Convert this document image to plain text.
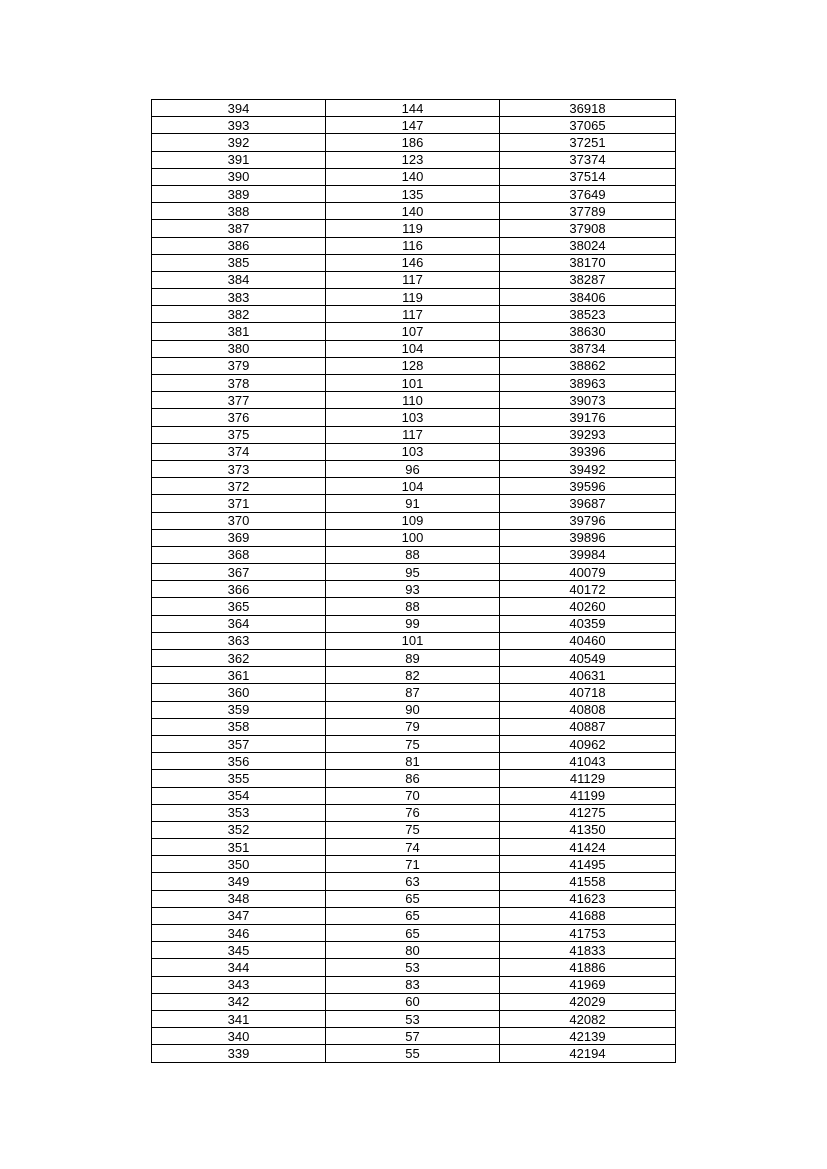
394	144	36918
393	147	37065
392	186	37251
391	123	37374
390	140	37514
389	135	37649
388	140	37789
387	119	37908
386	116	38024
385	146	38170
384	117	38287
383	119	38406
382	117	38523
381	107	38630
380	104	38734
379	128	38862
378	101	38963
377	110	39073
376	103	39176
375	117	39293
374	103	39396
373	96	39492
372	104	39596
371	91	39687
370	109	39796
369	100	39896
368	88	39984
367	95	40079
366	93	40172
365	88	40260
364	99	40359
363	101	40460
362	89	40549
361	82	40631
360	87	40718
359	90	40808
358	79	40887
357	75	40962
356	81	41043
355	86	41129
354	70	41199
353	76	41275
352	75	41350
351	74	41424
350	71	41495
349	63	41558
348	65	41623
347	65	41688
346	65	41753
345	80	41833
344	53	41886
343	83	41969
342	60	42029
341	53	42082
340	57	42139
339	55	42194
